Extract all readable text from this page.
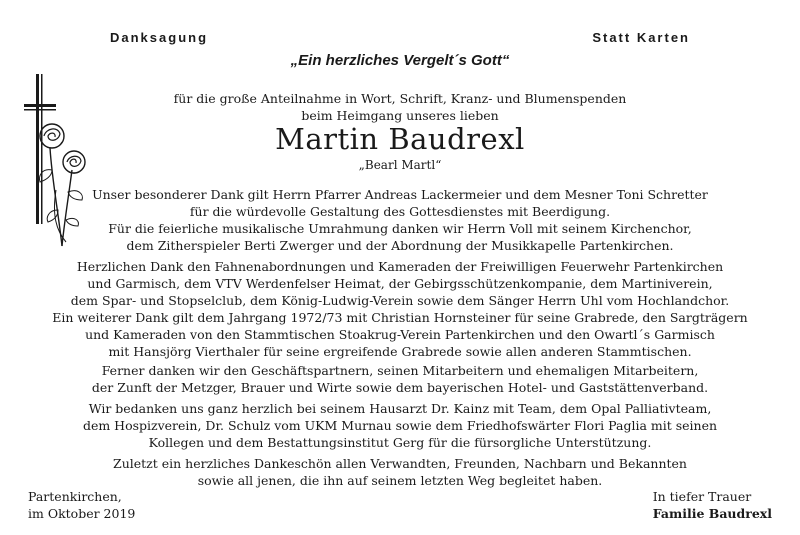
Danksagung	Statt Karten
„Ein herzliches Vergelt´s Gott“
für die große Anteilnahme in Wort, Schrift, Kranz- und Blumenspenden
beim Heimgang unseres lieben
Martin Baudrexl
„Bearl Martl“
Unser besonderer Dank gilt Herrn Pfarrer Andreas Lackermeier und dem Mesner Toni Schretter
für die würdevolle Gestaltung des Gottesdienstes mit Beerdigung.
Für die feierliche musikalische Umrahmung danken wir Herrn Voll mit seinem Kirchenchor,
dem Zitherspieler Berti Zwerger und der Abordnung der Musikkapelle Partenkirchen.
Herzlichen Dank den Fahnenabordnungen und Kameraden der Freiwilligen Feuerwehr Partenkirchen
und Garmisch, dem VTV Werdenfelser Heimat, der Gebirgsschützenkompanie, dem Martiniverein,
dem Spar- und Stopselclub, dem König-Ludwig-Verein sowie dem Sänger Herrn Uhl vom Hochlandchor.
Ein weiterer Dank gilt dem Jahrgang 1972/73 mit Christian Hornsteiner für seine Grabrede, den Sargträgern
und Kameraden von den Stammtischen Stoakrug-Verein Partenkirchen und den Owartl´s Garmisch
mit Hansjörg Vierthaler für seine ergreifende Grabrede sowie allen anderen Stammtischen.
Ferner danken wir den Geschäftspartnern, seinen Mitarbeitern und ehemaligen Mitarbeitern,
der Zunft der Metzger, Brauer und Wirte sowie dem bayerischen Hotel- und Gaststättenverband.
Wir bedanken uns ganz herzlich bei seinem Hausarzt Dr. Kainz mit Team, dem Opal Palliativteam,
dem Hospizverein, Dr. Schulz vom UKM Murnau sowie dem Friedhofswärter Flori Paglia mit seinen
Kollegen und dem Bestattungsinstitut Gerg für die fürsorgliche Unterstützung.
Zuletzt ein herzliches Dankeschön allen Verwandten, Freunden, Nachbarn und Bekannten
sowie all jenen, die ihn auf seinem letzten Weg begleitet haben.
Partenkirchen,
im Oktober 2019
In tiefer Trauer
Familie Baudrexl
